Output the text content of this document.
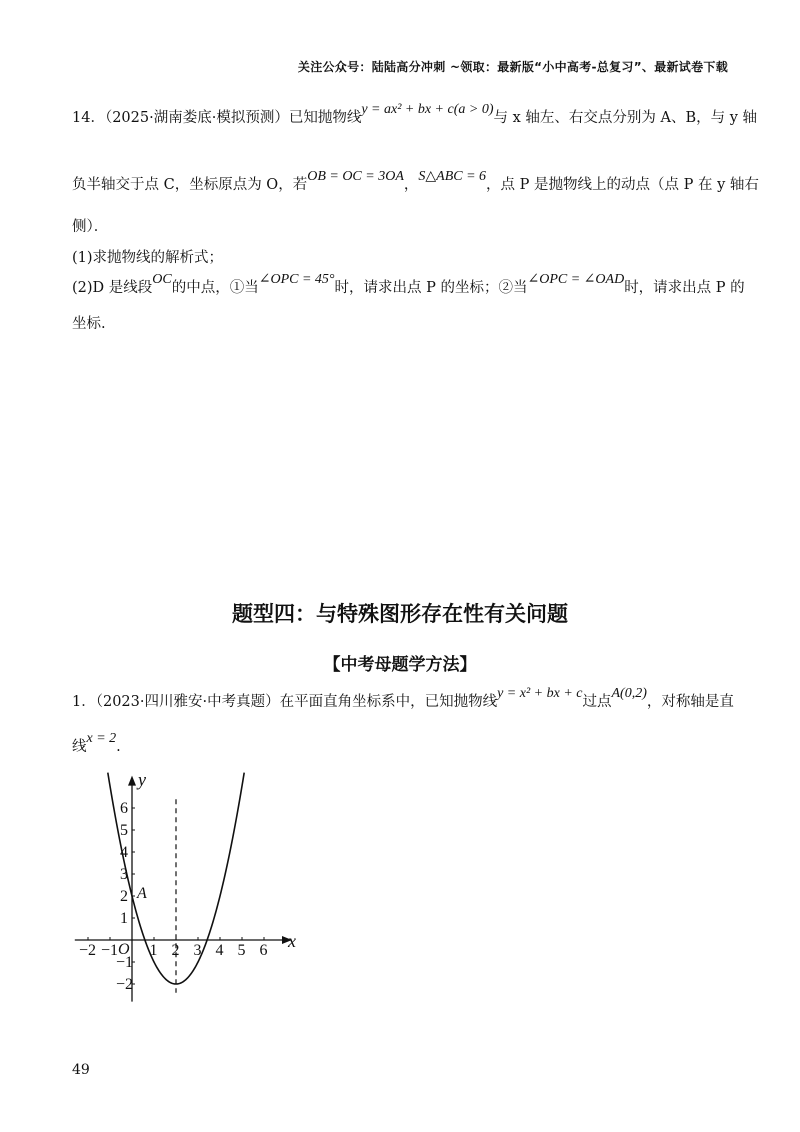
关注公众号：陆陆高分冲刺 ~领取：最新版“小中高考-总复习”、最新试卷下载
14．（2025·湖南娄底·模拟预测）已知抛物线y = ax² + bx + c(a > 0)与 x 轴左、右交点分别为 A、B，与 y 轴
负半轴交于点 C，坐标原点为 O，若OB = OC = 3OA，S△ABC = 6，点 P 是抛物线上的动点（点 P 在 y 轴右
侧）．
(1)求抛物线的解析式；
(2)D 是线段OC的中点，①当∠OPC = 45°时，请求出点 P 的坐标；②当∠OPC = ∠OAD时，请求出点 P 的
坐标.
题型四：与特殊图形存在性有关问题
【中考母题学方法】
1．（2023·四川雅安·中考真题）在平面直角坐标系中，已知抛物线y = x² + bx + c过点A(0,2)，对称轴是直
线x = 2.
−2 −1 1 2 3 4 5 6
6
5
4
3
2
1
−1
−2
x
y
O
A
49
